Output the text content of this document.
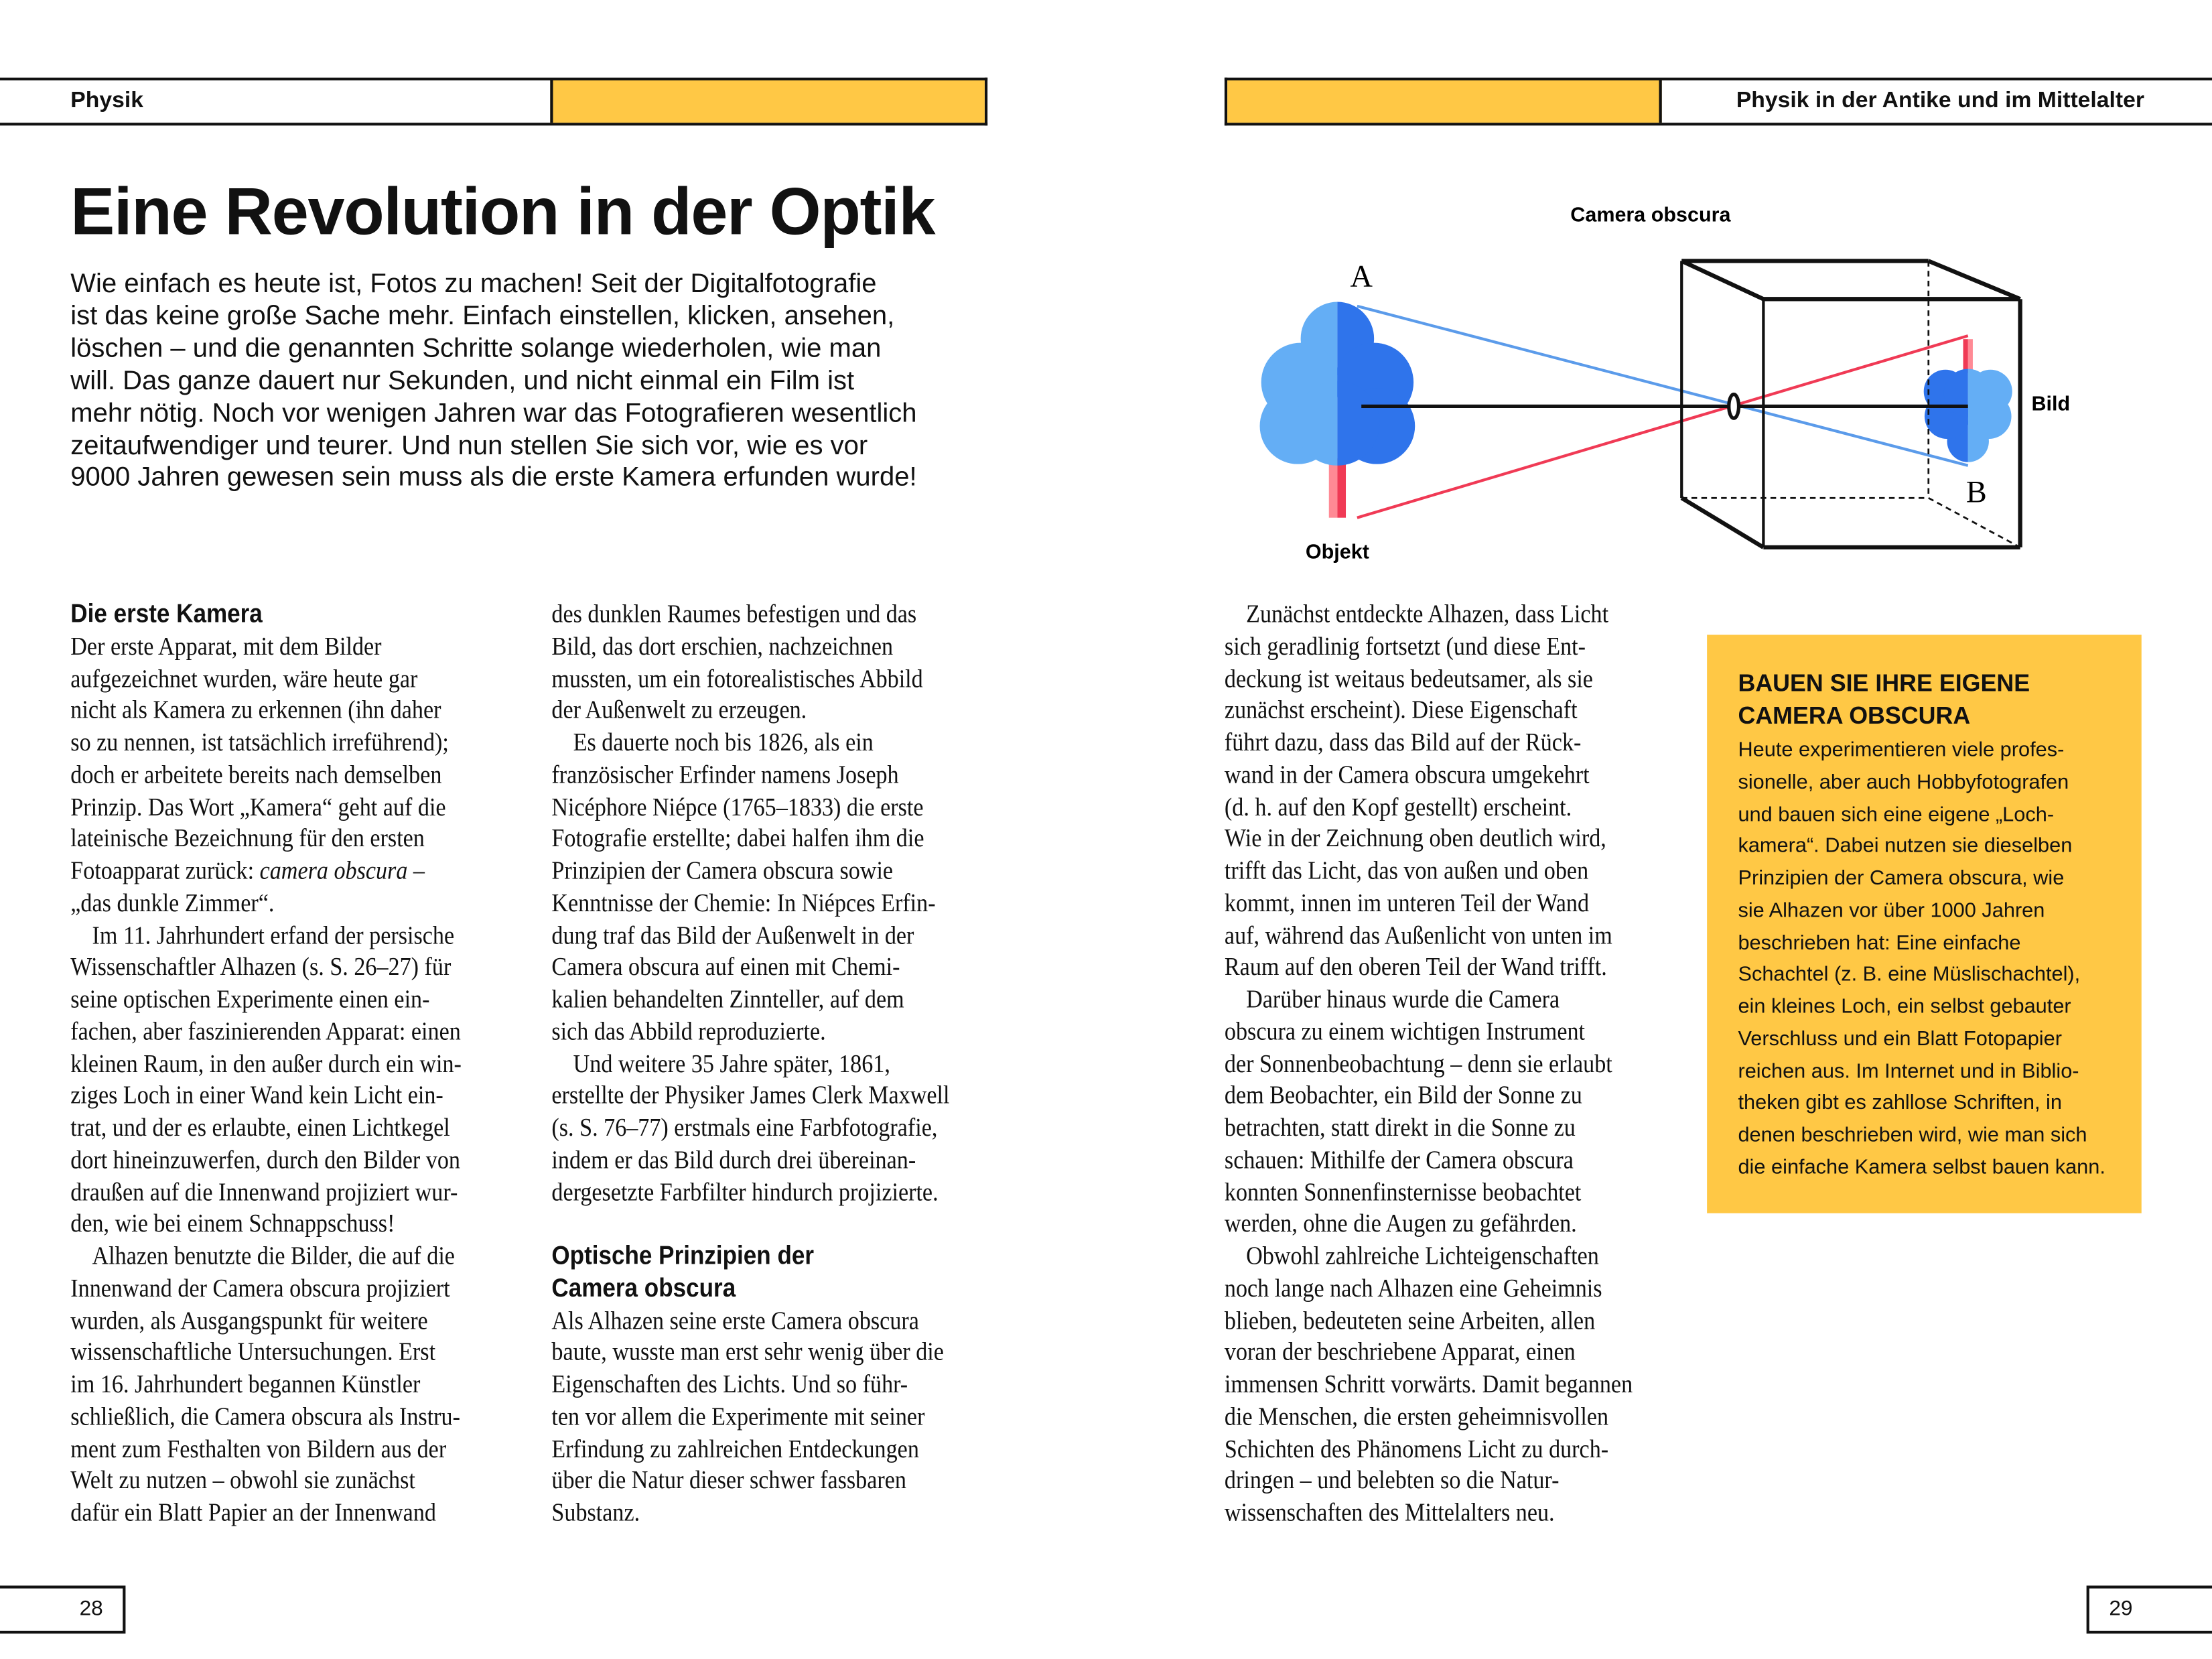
Physik	Physik in der Antike und im Mittelalter
Eine Revolution in der Optik
Wie einfach es heute ist, Fotos zu machen! Seit der Digitalfotografie
ist das keine große Sache mehr. Einfach einstellen, klicken, ansehen,
löschen – und die genannten Schritte solange wiederholen, wie man
will. Das ganze dauert nur Sekunden, und nicht einmal ein Film ist
mehr nötig. Noch vor wenigen Jahren war das Fotografieren wesentlich
zeitaufwendiger und teurer. Und nun stellen Sie sich vor, wie es vor
9000 Jahren gewesen sein muss als die erste Kamera erfunden wurde!
Die erste Kamera
Der erste Apparat, mit dem Bilder
aufgezeichnet wurden, wäre heute gar
nicht als Kamera zu erkennen (ihn daher
so zu nennen, ist tatsächlich irreführend);
doch er arbeitete bereits nach demselben
Prinzip. Das Wort „Kamera“ geht auf die
lateinische Bezeichnung für den ersten
Fotoapparat zurück: camera obscura –
„das dunkle Zimmer“.
Im 11. Jahrhundert erfand der persische
Wissenschaftler Alhazen (s. S. 26–27) für
seine optischen Experimente einen ein-
fachen, aber faszinierenden Apparat: einen
kleinen Raum, in den außer durch ein win-
ziges Loch in einer Wand kein Licht ein-
trat, und der es erlaubte, einen Lichtkegel
dort hineinzuwerfen, durch den Bilder von
draußen auf die Innenwand projiziert wur-
den, wie bei einem Schnappschuss!
Alhazen benutzte die Bilder, die auf die
Innenwand der Camera obscura projiziert
wurden, als Ausgangspunkt für weitere
wissenschaftliche Untersuchungen. Erst
im 16. Jahrhundert begannen Künstler
schließlich, die Camera obscura als Instru-
ment zum Festhalten von Bildern aus der
Welt zu nutzen – obwohl sie zunächst
dafür ein Blatt Papier an der Innenwand
des dunklen Raumes befestigen und das
Bild, das dort erschien, nachzeichnen
mussten, um ein fotorealistisches Abbild
der Außenwelt zu erzeugen.
Es dauerte noch bis 1826, als ein
französischer Erfinder namens Joseph
Nicéphore Niépce (1765–1833) die erste
Fotografie erstellte; dabei halfen ihm die
Prinzipien der Camera obscura sowie
Kenntnisse der Chemie: In Niépces Erfin-
dung traf das Bild der Außenwelt in der
Camera obscura auf einen mit Chemi-
kalien behandelten Zinnteller, auf dem
sich das Abbild reproduzierte.
Und weitere 35 Jahre später, 1861,
erstellte der Physiker James Clerk Maxwell
(s. S. 76–77) erstmals eine Farbfotografie,
indem er das Bild durch drei übereinan-
dergesetzte Farbfilter hindurch projizierte.
Optische Prinzipien der
Camera obscura
Als Alhazen seine erste Camera obscura
baute, wusste man erst sehr wenig über die
Eigenschaften des Lichts. Und so führ-
ten vor allem die Experimente mit seiner
Erfindung zu zahlreichen Entdeckungen
über die Natur dieser schwer fassbaren
Substanz.
Zunächst entdeckte Alhazen, dass Licht
sich geradlinig fortsetzt (und diese Ent-
deckung ist weitaus bedeutsamer, als sie
zunächst erscheint). Diese Eigenschaft
führt dazu, dass das Bild auf der Rück-
wand in der Camera obscura umgekehrt
(d. h. auf den Kopf gestellt) erscheint.
Wie in der Zeichnung oben deutlich wird,
trifft das Licht, das von außen und oben
kommt, innen im unteren Teil der Wand
auf, während das Außenlicht von unten im
Raum auf den oberen Teil der Wand trifft.
Darüber hinaus wurde die Camera
obscura zu einem wichtigen Instrument
der Sonnenbeobachtung – denn sie erlaubt
dem Beobachter, ein Bild der Sonne zu
betrachten, statt direkt in die Sonne zu
schauen: Mithilfe der Camera obscura
konnten Sonnenfinsternisse beobachtet
werden, ohne die Augen zu gefährden.
Obwohl zahlreiche Lichteigenschaften
noch lange nach Alhazen eine Geheimnis
blieben, bedeuteten seine Arbeiten, allen
voran der beschriebene Apparat, einen
immensen Schritt vorwärts. Damit begannen
die Menschen, die ersten geheimnisvollen
Schichten des Phänomens Licht zu durch-
dringen – und belebten so die Natur-
wissenschaften des Mittelalters neu.
Camera obscura
A
B
Bild
Objekt
BAUEN SIE IHRE EIGENE
CAMERA OBSCURA
Heute experimentieren viele profes-
sionelle, aber auch Hobbyfotografen
und bauen sich eine eigene „Loch-
kamera“. Dabei nutzen sie dieselben
Prinzipien der Camera obscura, wie
sie Alhazen vor über 1000 Jahren
beschrieben hat: Eine einfache
Schachtel (z. B. eine Müslischachtel),
ein kleines Loch, ein selbst gebauter
Verschluss und ein Blatt Fotopapier
reichen aus. Im Internet und in Biblio-
theken gibt es zahllose Schriften, in
denen beschrieben wird, wie man sich
die einfache Kamera selbst bauen kann.
28	29
